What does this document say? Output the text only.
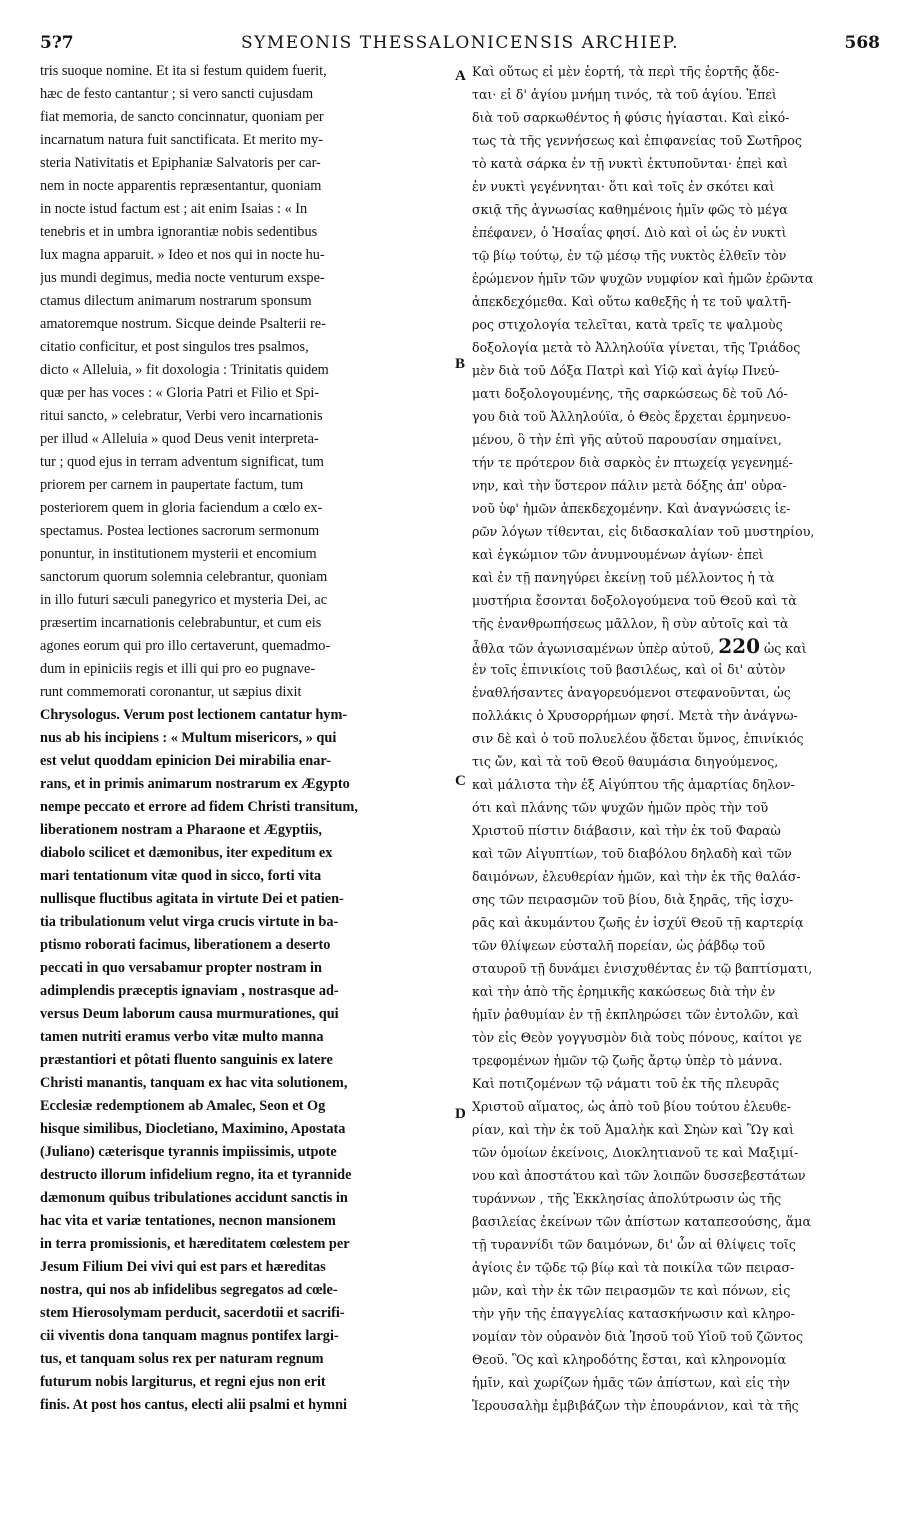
5?7	SYMEONIS THESSALONICENSIS ARCHIEP.	568
A
B
C
D
tris suoque nomine. Et ita si festum quidem fuerit,
hæc de festo cantantur ; si vero sancti cujusdam
fiat memoria, de sancto concinnatur, quoniam per
incarnatum natura fuit sanctificata. Et merito my-
steria Nativitatis et Epiphaniæ Salvatoris per car-
nem in nocte apparentis repræsentantur, quoniam
in nocte istud factum est ; ait enim Isaias : « In
tenebris et in umbra ignorantiæ nobis sedentibus
lux magna apparuit. » Ideo et nos qui in nocte hu-
jus mundi degimus, media nocte venturum exspe-
ctamus dilectum animarum nostrarum sponsum
amatoremque nostrum. Sicque deinde Psalterii re-
citatio conficitur, et post singulos tres psalmos,
dicto « Alleluia, » fit doxologia : Trinitatis quidem
quæ per has voces : « Gloria Patri et Filio et Spi-
ritui sancto, » celebratur, Verbi vero incarnationis
per illud « Alleluia » quod Deus venit interpreta-
tur ; quod ejus in terram adventum significat, tum
priorem per carnem in paupertate factum, tum
posteriorem quem in gloria faciendum a cœlo ex-
spectamus. Postea lectiones sacrorum sermonum
ponuntur, in institutionem mysterii et encomium
sanctorum quorum solemnia celebrantur, quoniam
in illo futuri sæculi panegyrico et mysteria Dei, ac
præsertim incarnationis celebrabuntur, et cum eis
agones eorum qui pro illo certaverunt, quemadmo-
dum in epiniciis regis et illi qui pro eo pugnave-
runt commemorati coronantur, ut sæpius dixit
Chrysologus. Verum post lectionem cantatur hym-
nus ab his incipiens : « Multum misericors, » qui
est velut quoddam epinicion Dei mirabilia enar-
rans, et in primis animarum nostrarum ex Ægypto
nempe peccato et errore ad fidem Christi transitum,
liberationem nostram a Pharaone et Ægyptiis,
diabolo scilicet et dæmonibus, iter expeditum ex
mari tentationum vitæ quod in sicco, forti vita
nullisque fluctibus agitata in virtute Dei et patien-
tia tribulationum velut virga crucis virtute in ba-
ptismo roborati facimus, liberationem a deserto
peccati in quo versabamur propter nostram in
adimplendis præceptis ignaviam , nostrasque ad-
versus Deum laborum causa murmurationes, qui
tamen nutriti eramus verbo vitæ multo manna
præstantiori et pôtati fluento sanguinis ex latere
Christi manantis, tanquam ex hac vita solutionem,
Ecclesiæ redemptionem ab Amalec, Seon et Og
hisque similibus, Diocletiano, Maximino, Apostata
(Juliano) cæterisque tyrannis impiissimis, utpote
destructo illorum infidelium regno, ita et tyrannide
dæmonum quibus tribulationes accidunt sanctis in
hac vita et variæ tentationes, necnon mansionem
in terra promissionis, et hæreditatem cœlestem per
Jesum Filium Dei vivi qui est pars et hæreditas
nostra, qui nos ab infidelibus segregatos ad cœle-
stem Hierosolymam perducit, sacerdotii et sacrifi-
cii viventis dona tanquam magnus pontifex largi-
tus, et tanquam solus rex per naturam regnum
futurum nobis largiturus, et regni ejus non erit
finis. At post hos cantus, electi alii psalmi et hymni
Καὶ οὕτως εἰ μὲν ἑορτή, τὰ περὶ τῆς ἑορτῆς ᾄδε-
ται· εἰ δ' ἁγίου μνήμη τινός, τὰ τοῦ ἁγίου. Ἐπεὶ
διὰ τοῦ σαρκωθέντος ἡ φύσις ἡγίασται. Καὶ εἰκό-
τως τὰ τῆς γεννήσεως καὶ ἐπιφανείας τοῦ Σωτῆρος
τὸ κατὰ σάρκα ἐν τῇ νυκτὶ ἐκτυποῦνται· ἐπεὶ καὶ
ἐν νυκτὶ γεγέννηται· ὅτι καὶ τοῖς ἐν σκότει καὶ
σκιᾷ τῆς ἀγνωσίας καθημένοις ἡμῖν φῶς τὸ μέγα
ἐπέφανεν, ὁ Ἡσαΐας φησί. Διὸ καὶ οἱ ὡς ἐν νυκτὶ
τῷ βίῳ τούτῳ, ἐν τῷ μέσῳ τῆς νυκτὸς ἐλθεῖν τὸν
ἐρώμενον ἡμῖν τῶν ψυχῶν νυμφίον καὶ ἡμῶν ἐρῶντα
ἀπεκδεχόμεθα. Καὶ οὕτω καθεξῆς ἡ τε τοῦ ψαλτῆ-
ρος στιχολογία τελεῖται, κατὰ τρεῖς τε ψαλμοὺς
δοξολογία μετὰ τὸ Ἀλληλούϊα γίνεται, τῆς Τριάδος
μὲν διὰ τοῦ Δόξα Πατρὶ καὶ Υἱῷ καὶ ἁγίῳ Πνεύ-
ματι δοξολογουμένης, τῆς σαρκώσεως δὲ τοῦ Λό-
γου διὰ τοῦ Ἀλληλούϊα, ὁ Θεὸς ἔρχεται ἑρμηνευο-
μένου, ὃ τὴν ἐπὶ γῆς αὐτοῦ παρουσίαν σημαίνει,
τήν τε πρότερον διὰ σαρκὸς ἐν πτωχείᾳ γεγενημέ-
νην, καὶ τὴν ὕστερον πάλιν μετὰ δόξης ἀπ' οὐρα-
νοῦ ὑφ' ἡμῶν ἀπεκδεχομένην. Καὶ ἀναγνώσεις ἱε-
ρῶν λόγων τίθενται, εἰς διδασκαλίαν τοῦ μυστηρίου,
καὶ ἐγκώμιον τῶν ἀνυμνουμένων ἁγίων· ἐπεὶ
καὶ ἐν τῇ πανηγύρει ἐκείνῃ τοῦ μέλλοντος ἡ τὰ
μυστήρια ἔσονται δοξολογούμενα τοῦ Θεοῦ καὶ τὰ
τῆς ἐνανθρωπήσεως μᾶλλον, ἢ σὺν αὐτοῖς καὶ τὰ
ἆθλα τῶν ἀγωνισαμένων ὑπὲρ αὐτοῦ, 220 ὡς καὶ
ἐν τοῖς ἐπινικίοις τοῦ βασιλέως, καὶ οἱ δι' αὐτὸν
ἐναθλήσαντες ἀναγορευόμενοι στεφανοῦνται, ὡς
πολλάκις ὁ Χρυσορρήμων φησί. Μετὰ τὴν ἀνάγνω-
σιν δὲ καὶ ὁ τοῦ πολυελέου ᾄδεται ὕμνος, ἐπινίκιός
τις ὤν, καὶ τὰ τοῦ Θεοῦ θαυμάσια διηγούμενος,
καὶ μάλιστα τὴν ἐξ Αἰγύπτου τῆς ἁμαρτίας δηλον-
ότι καὶ πλάνης τῶν ψυχῶν ἡμῶν πρὸς τὴν τοῦ
Χριστοῦ πίστιν διάβασιν, καὶ τὴν ἐκ τοῦ Φαραὼ
καὶ τῶν Αἰγυπτίων, τοῦ διαβόλου δηλαδὴ καὶ τῶν
δαιμόνων, ἐλευθερίαν ἡμῶν, καὶ τὴν ἐκ τῆς θαλάσ-
σης τῶν πειρασμῶν τοῦ βίου, διὰ ξηρᾶς, τῆς ἰσχυ-
ρᾶς καὶ ἀκυμάντου ζωῆς ἐν ἰσχύϊ Θεοῦ τῇ καρτερίᾳ
τῶν θλίψεων εὐσταλῆ πορείαν, ὡς ῥάβδῳ τοῦ
σταυροῦ τῇ δυνάμει ἐνισχυθέντας ἐν τῷ βαπτίσματι,
καὶ τὴν ἀπὸ τῆς ἐρημικῆς κακώσεως διὰ τὴν ἐν
ἡμῖν ῥαθυμίαν ἐν τῇ ἐκπληρώσει τῶν ἐντολῶν, καὶ
τὸν εἰς Θεὸν γογγυσμὸν διὰ τοὺς πόνους, καίτοι γε
τρεφομένων ἡμῶν τῷ ζωῆς ἄρτῳ ὑπὲρ τὸ μάννα.
Καὶ ποτιζομένων τῷ νάματι τοῦ ἐκ τῆς πλευρᾶς
Χριστοῦ αἵματος, ὡς ἀπὸ τοῦ βίου τούτου ἐλευθε-
ρίαν, καὶ τὴν ἐκ τοῦ Ἀμαλὴκ καὶ Σηὼν καὶ Ὢγ καὶ
τῶν ὁμοίων ἐκείνοις, Διοκλητιανοῦ τε καὶ Μαξιμί-
νου καὶ ἀποστάτου καὶ τῶν λοιπῶν δυσσεβεστάτων
τυράννων , τῆς Ἐκκλησίας ἀπολύτρωσιν ὡς τῆς
βασιλείας ἐκείνων τῶν ἀπίστων καταπεσούσης, ἅμα
τῇ τυραννίδι τῶν δαιμόνων, δι' ὧν αἱ θλίψεις τοῖς
ἁγίοις ἐν τῷδε τῷ βίῳ καὶ τὰ ποικίλα τῶν πειρασ-
μῶν, καὶ τὴν ἐκ τῶν πειρασμῶν τε καὶ πόνων, εἰς
τὴν γῆν τῆς ἐπαγγελίας κατασκήνωσιν καὶ κληρο-
νομίαν τὸν οὐρανὸν διὰ Ἰησοῦ τοῦ Υἱοῦ τοῦ ζῶντος
Θεοῦ. Ὃς καὶ κληροδότης ἔσται, καὶ κληρονομία
ἡμῖν, καὶ χωρίζων ἡμᾶς τῶν ἀπίστων, καὶ εἰς τὴν
Ἱερουσαλὴμ ἐμβιβάζων τὴν ἐπουράνιον, καὶ τὰ τῆς
